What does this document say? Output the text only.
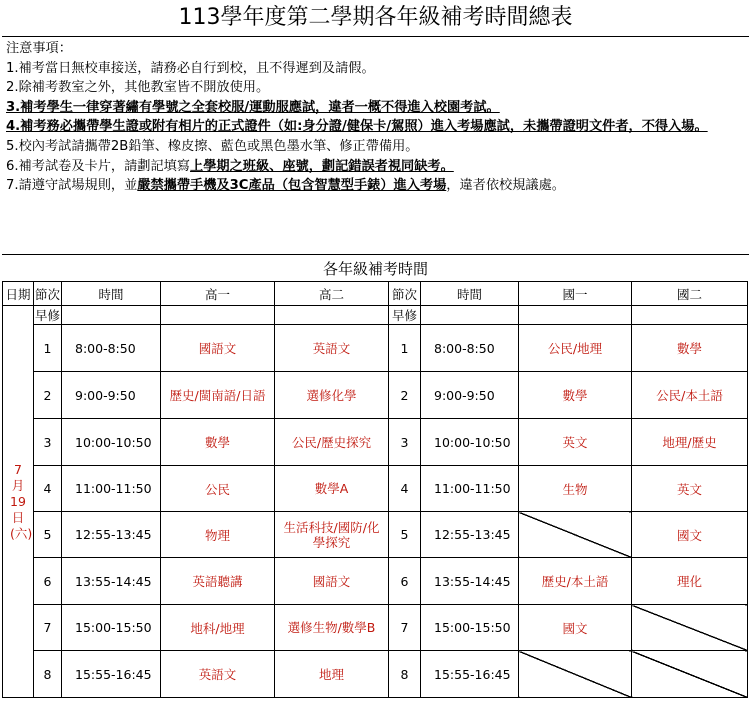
113學年度第二學期各年級補考時間總表
注意事項：
1.補考當日無校車接送，請務必自行到校，且不得遲到及請假。
2.除補考教室之外，其他教室皆不開放使用。
3.補考學生一律穿著繡有學號之全套校服/運動服應試，違者一概不得進入校園考試。
4.補考務必攜帶學生證或附有相片的正式證件（如:身分證/健保卡/駕照）進入考場應試，未攜帶證明文件者，不得入場。
5.校內考試請攜帶2B鉛筆、橡皮擦、藍色或黑色墨水筆、修正帶備用。
6.補考試卷及卡片，請劃記填寫上學期之班級、座號，劃記錯誤者視同缺考。
7.請遵守試場規則，並嚴禁攜帶手機及3C產品（包含智慧型手錶）進入考場，違者依校規議處。
各年級補考時間
日期	節次	時間	高一	高二	節次	時間	國一	國二

7月19日(六)	早修				早修			
	1	8:00-8:50	國語文	英語文	1	8:00-8:50	公民/地理	數學
	2	9:00-9:50	歷史/閩南語/日語	選修化學	2	9:00-9:50	數學	公民/本土語
	3	10:00-10:50	數學	公民/歷史探究	3	10:00-10:50	英文	地理/歷史
	4	11:00-11:50	公民	數學A	4	11:00-11:50	生物	英文
	5	12:55-13:45	物理	生活科技/國防/化學探究	5	12:55-13:45		國文
	6	13:55-14:45	英語聽講	國語文	6	13:55-14:45	歷史/本土語	理化
	7	15:00-15:50	地科/地理	選修生物/數學B	7	15:00-15:50	國文	
	8	15:55-16:45	英語文	地理	8	15:55-16:45		
